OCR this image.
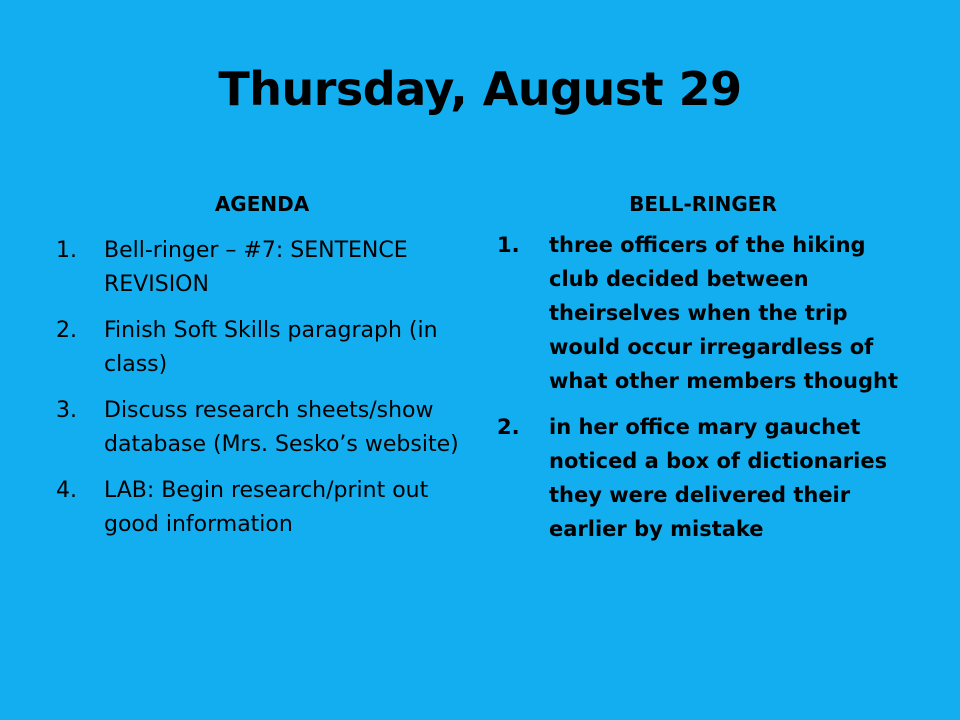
Thursday, August 29
AGENDA
1.	Bell-ringer – #7: SENTENCE REVISION
2.	Finish Soft Skills paragraph (in class)
3.	Discuss research sheets/show database (Mrs. Sesko’s website)
4.	LAB: Begin research/print out good information
BELL-RINGER
1.	three officers of the hiking club decided between theirselves when the trip would occur irregardless of what other members thought
2.	in her office mary gauchet noticed a box of dictionaries they were delivered their earlier by mistake
